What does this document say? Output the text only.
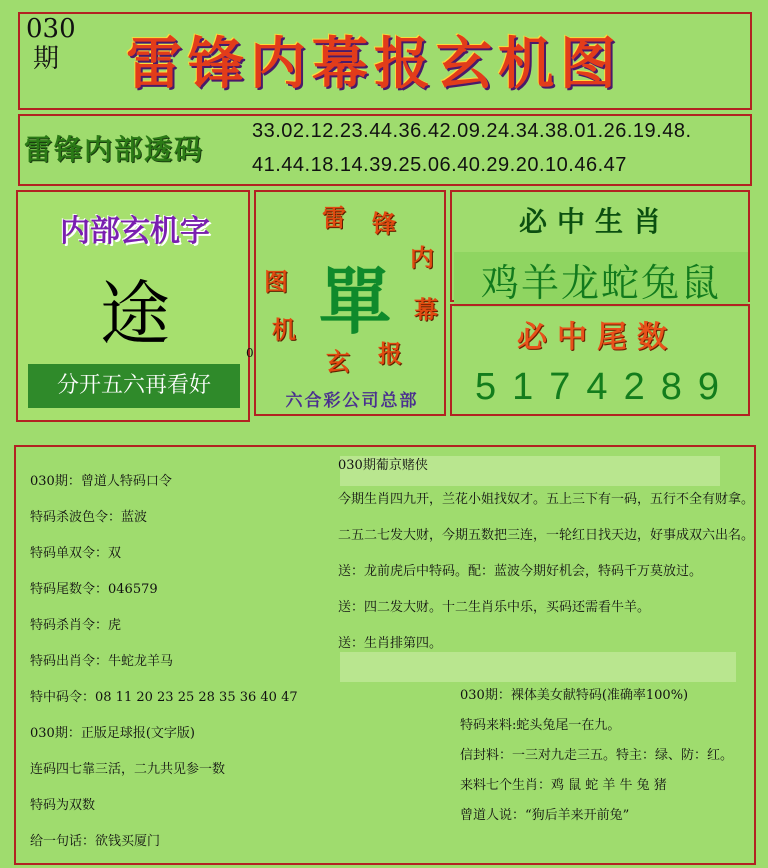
030期	雷锋内幕报玄机图
雷锋内部透码
33.02.12.23.44.36.42.09.24.34.38.01.26.19.48.
41.44.18.14.39.25.06.40.29.20.10.46.47
内部玄机字
途
分开五六再看好
0
雷 锋
内
幕
报
玄
机
图 單
六合彩公司总部
必中生肖
鸡羊龙蛇兔鼠
必中尾数
5174289
030期：曾道人特码口令
特码杀波色令：蓝波
特码单双令：双
特码尾数令：046579
特码杀肖令：虎
特码出肖令：牛蛇龙羊马
特中码令：08 11 20 23 25 28 35 36 40 47
030期：正版足球报(文字版)
连码四七靠三活，二九共见参一数
特码为双数
给一句话：欲钱买厦门
030期葡京赌侠
今期生肖四九开，兰花小姐找奴才。五上三下有一码，五行不全有财拿。
二五二七发大财，今期五数把三连，一轮红日找天边，好事成双六出名。
送：龙前虎后中特码。配：蓝波今期好机会，特码千万莫放过。
送：四二发大财。十二生肖乐中乐，买码还需看牛羊。
送：生肖排第四。
030期：裸体美女献特码(准确率100%)
特码来料:蛇头兔尾一在九。
信封料：一三对九走三五。特主：绿、防：红。
来料七个生肖：鸡 鼠 蛇 羊 牛 兔 猪
曾道人说：“狗后羊来开前兔”
